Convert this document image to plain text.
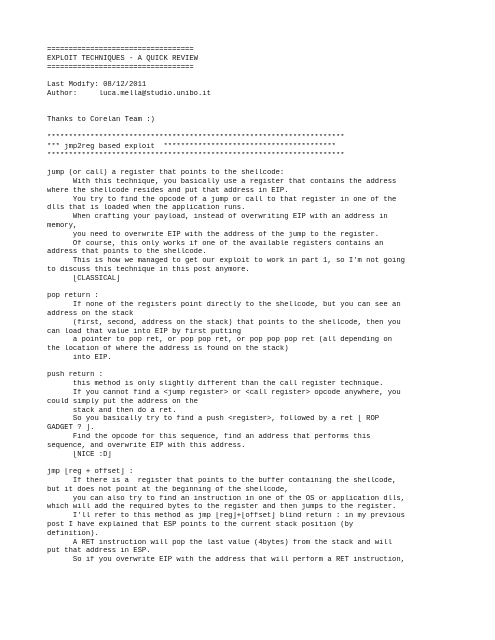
==================================
EXPLOIT TECHNIQUES - A QUICK REVIEW
==================================
Last Modify: 08/12/2011
Author:     luca.mella@studio.unibo.it
Thanks to Corelan Team :)
*********************************************************************
*** jmp2reg based exploit  ****************************************
*********************************************************************
jump (or call) a register that points to the shellcode:
With this technique, you basically use a register that contains the address
where the shellcode resides and put that address in EIP.
You try to find the opcode of a jump or call to that register in one of the
dlls that is loaded when the application runs.
When crafting your payload, instead of overwriting EIP with an address in
memory,
you need to overwrite EIP with the address of the jump to the register.
Of course, this only works if one of the available registers contains an
address that points to the shellcode.
This is how we managed to get our exploit to work in part 1, so I'm not going
to discuss this technique in this post anymore.
[CLASSICAL]
pop return :
If none of the registers point directly to the shellcode, but you can see an
address on the stack
(first, second, address on the stack) that points to the shellcode, then you
can load that value into EIP by first putting
a pointer to pop ret, or pop pop ret, or pop pop pop ret (all depending on
the location of where the address is found on the stack)
into EIP.
push return :
this method is only slightly different than the call register technique.
If you cannot find a <jump register> or <call register> opcode anywhere, you
could simply put the address on the
stack and then do a ret.
So you basically try to find a push <register>, followed by a ret [ ROP
GADGET ? ].
Find the opcode for this sequence, find an address that performs this
sequence, and overwrite EIP with this address.
[NICE :D]
jmp [reg + offset] :
If there is a  register that points to the buffer containing the shellcode,
but it does not point at the beginning of the shellcode,
you can also try to find an instruction in one of the OS or application dlls,
which will add the required bytes to the register and then jumps to the register.
I'll refer to this method as jmp [reg]+[offset] blind return : in my previous
post I have explained that ESP points to the current stack position (by
definition).
A RET instruction will pop the last value (4bytes) from the stack and will
put that address in ESP.
So if you overwrite EIP with the address that will perform a RET instruction,
